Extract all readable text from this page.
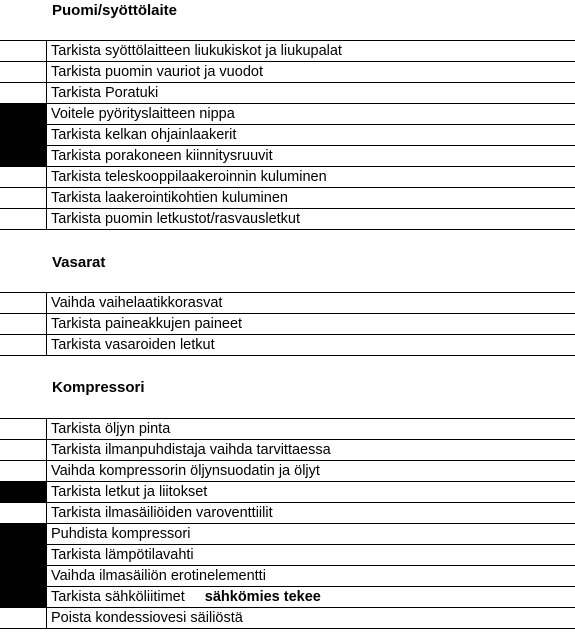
Puomi/syöttölaite
Tarkista syöttölaitteen liukukiskot ja liukupalat
Tarkista puomin vauriot ja vuodot
Tarkista Poratuki
Voitele pyörityslaitteen nippa
Tarkista kelkan ohjainlaakerit
Tarkista porakoneen kiinnitysruuvit
Tarkista teleskooppilaakeroinnin kuluminen
Tarkista laakerointikohtien kuluminen
Tarkista puomin letkustot/rasvausletkut
Vasarat
Vaihda vaihelaatikkorasvat
Tarkista paineakkujen paineet
Tarkista vasaroiden letkut
Kompressori
Tarkista öljyn pinta
Tarkista ilmanpuhdistaja vaihda tarvittaessa
Vaihda kompressorin öljynsuodatin ja öljyt
Tarkista letkut ja liitokset
Tarkista ilmasäiliöiden varoventtiilit
Puhdista kompressori
Tarkista lämpötilavahti
Vaihda ilmasäiliön erotinelementti
Tarkista sähköliitimet sähkömies tekee
Poista kondessiovesi säiliöstä
